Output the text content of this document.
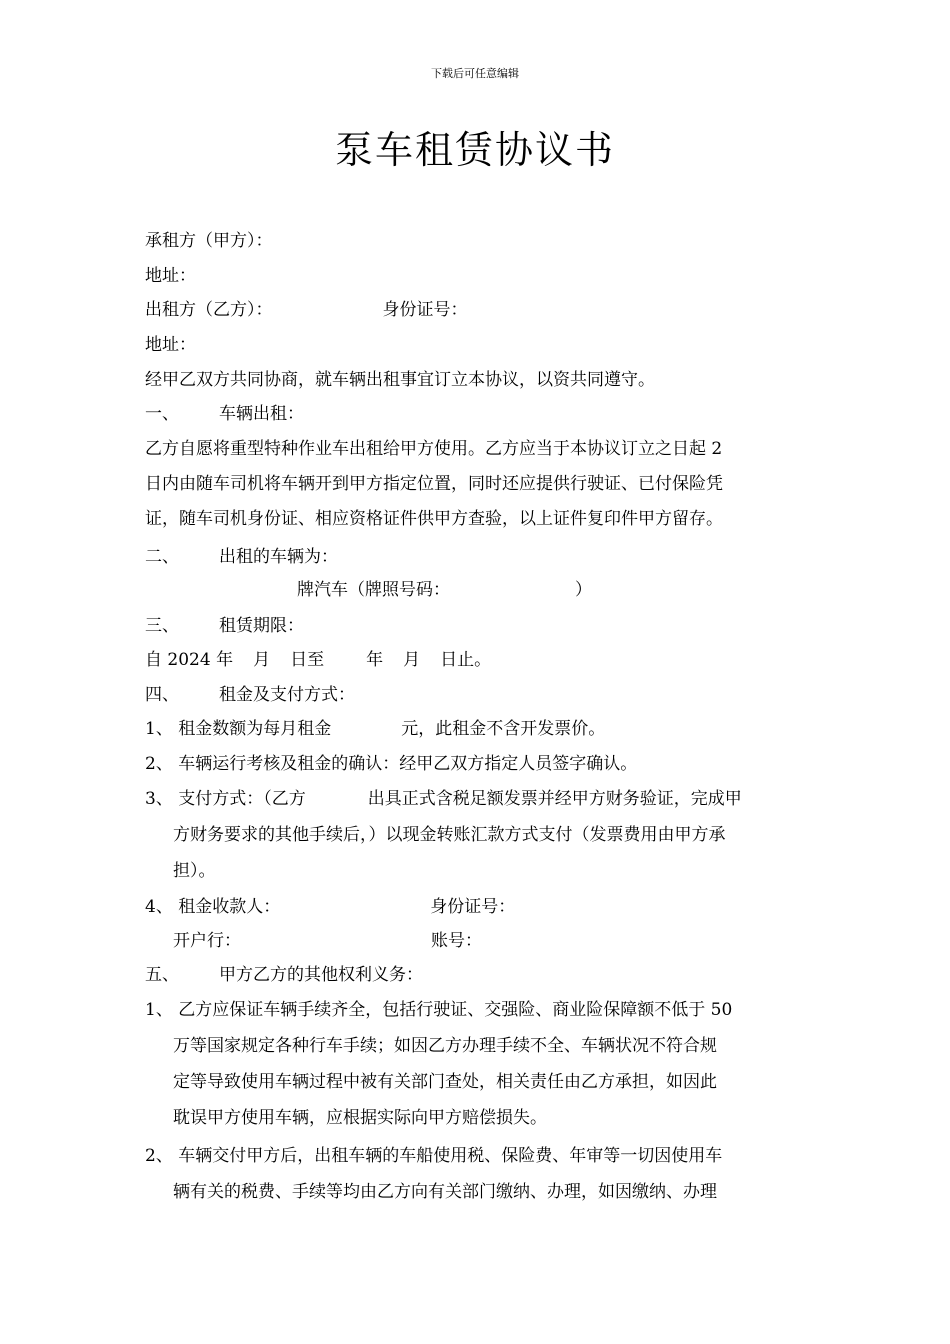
下载后可任意编辑
泵车租赁协议书
承租方（甲方）：
地址：
出租方（乙方）：	身份证号：
地址：
经甲乙双方共同协商，就车辆出租事宜订立本协议，以资共同遵守。
一、 车辆出租：
乙方自愿将重型特种作业车出租给甲方使用。乙方应当于本协议订立之日起 2
日内由随车司机将车辆开到甲方指定位置，同时还应提供行驶证、已付保险凭
证，随车司机身份证、相应资格证件供甲方查验，以上证件复印件甲方留存。
二、 出租的车辆为：
牌汽车（牌照号码：	）
三、 租赁期限：
自 2024 年 月 日至 年 月 日止。
四、 租金及支付方式：
1、 租金数额为每月租金	元，此租金不含开发票价。
2、 车辆运行考核及租金的确认：经甲乙双方指定人员签字确认。
3、 支付方式：（乙方	出具正式含税足额发票并经甲方财务验证，完成甲
方财务要求的其他手续后，）以现金转账汇款方式支付（发票费用由甲方承
担）。
4、 租金收款人：	身份证号：
开户行：	账号：
五、 甲方乙方的其他权利义务：
1、 乙方应保证车辆手续齐全，包括行驶证、交强险、商业险保障额不低于 50
万等国家规定各种行车手续；如因乙方办理手续不全、车辆状况不符合规
定等导致使用车辆过程中被有关部门查处，相关责任由乙方承担，如因此
耽误甲方使用车辆，应根据实际向甲方赔偿损失。
2、 车辆交付甲方后，出租车辆的车船使用税、保险费、年审等一切因使用车
辆有关的税费、手续等均由乙方向有关部门缴纳、办理，如因缴纳、办理
